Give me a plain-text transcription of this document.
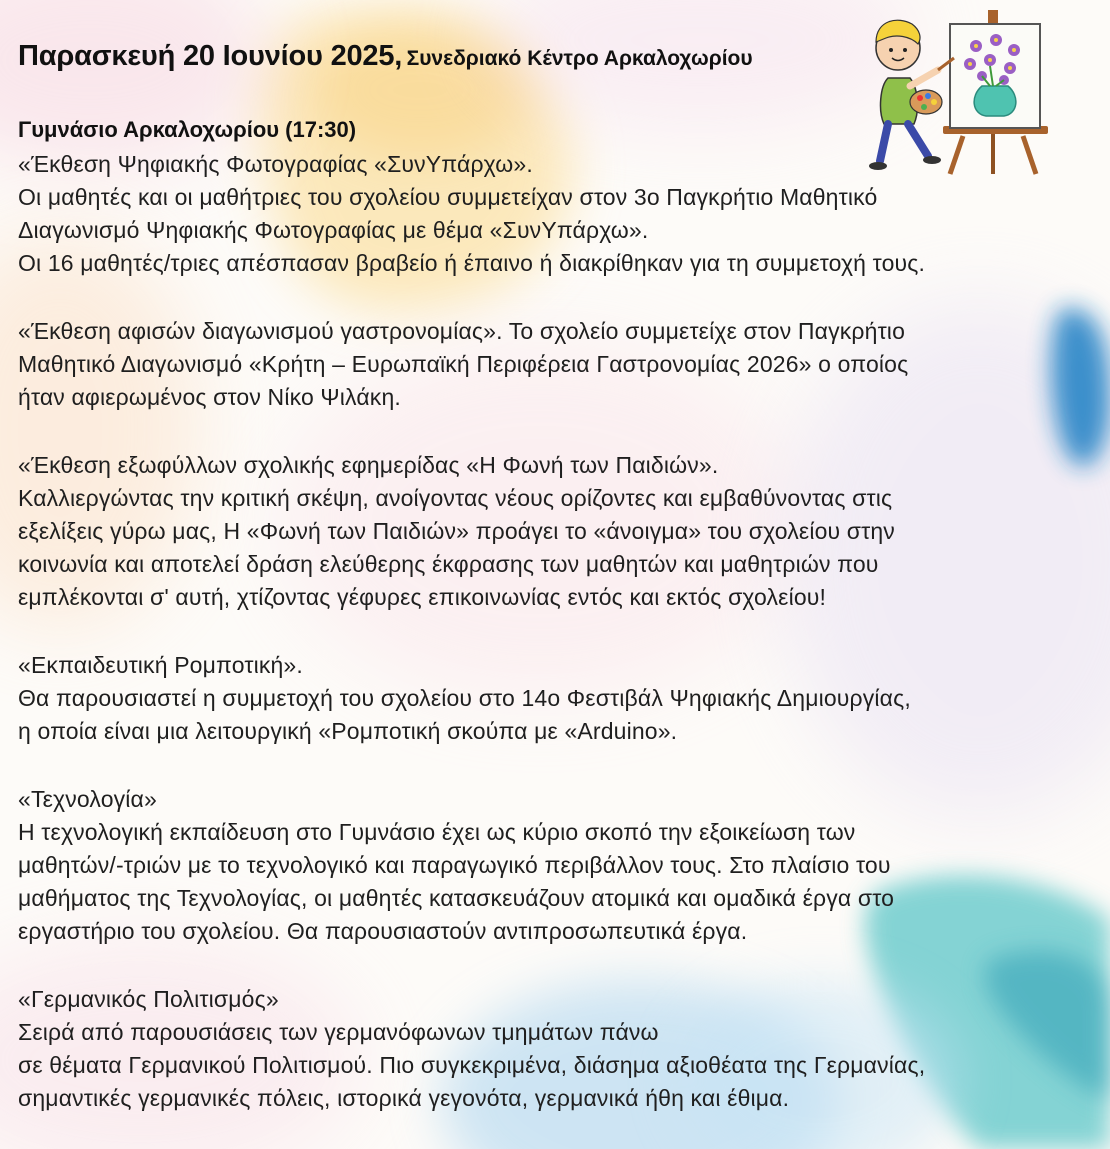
Παρασκευή 20 Ιουνίου 2025, Συνεδριακό Κέντρο Αρκαλοχωρίου
Γυμνάσιο Αρκαλοχωρίου (17:30)
«Έκθεση Ψηφιακής Φωτογραφίας «ΣυνΥπάρχω».
Οι μαθητές και οι μαθήτριες του σχολείου συμμετείχαν στον 3ο Παγκρήτιο Μαθητικό
Διαγωνισμό Ψηφιακής Φωτογραφίας με θέμα «ΣυνΥπάρχω».
Οι 16 μαθητές/τριες απέσπασαν βραβείο ή έπαινο ή διακρίθηκαν για τη συμμετοχή τους.
«Έκθεση αφισών διαγωνισμού γαστρονομίας». Το σχολείο συμμετείχε στον Παγκρήτιο
Μαθητικό Διαγωνισμό «Κρήτη – Ευρωπαϊκή Περιφέρεια Γαστρονομίας 2026» ο οποίος
ήταν αφιερωμένος στον Νίκο Ψιλάκη.
«Έκθεση εξωφύλλων σχολικής εφημερίδας «Η Φωνή των Παιδιών».
Καλλιεργώντας την κριτική σκέψη, ανοίγοντας νέους ορίζοντες και εμβαθύνοντας στις
εξελίξεις γύρω μας, Η «Φωνή των Παιδιών» προάγει το «άνοιγμα» του σχολείου στην
κοινωνία και αποτελεί δράση ελεύθερης έκφρασης των μαθητών και μαθητριών που
εμπλέκονται σ' αυτή, χτίζοντας γέφυρες επικοινωνίας εντός και εκτός σχολείου!
«Εκπαιδευτική Ρομποτική».
Θα παρουσιαστεί η συμμετοχή του σχολείου στο 14ο Φεστιβάλ Ψηφιακής Δημιουργίας,
η οποία είναι μια λειτουργική «Ρομποτική σκούπα με «Arduino».
«Τεχνολογία»
Η τεχνολογική εκπαίδευση στο Γυμνάσιο έχει ως κύριο σκοπό την εξοικείωση των
μαθητών/-τριών με το τεχνολογικό και παραγωγικό περιβάλλον τους. Στο πλαίσιο του
μαθήματος της Τεχνολογίας, οι μαθητές κατασκευάζουν ατομικά και ομαδικά έργα στο
εργαστήριο του σχολείου. Θα παρουσιαστούν αντιπροσωπευτικά έργα.
«Γερμανικός Πολιτισμός»
Σειρά από παρουσιάσεις των γερμανόφωνων τμημάτων πάνω
σε θέματα Γερμανικού Πολιτισμού. Πιο συγκεκριμένα, διάσημα αξιοθέατα της Γερμανίας,
σημαντικές γερμανικές πόλεις, ιστορικά γεγονότα, γερμανικά ήθη και έθιμα.
